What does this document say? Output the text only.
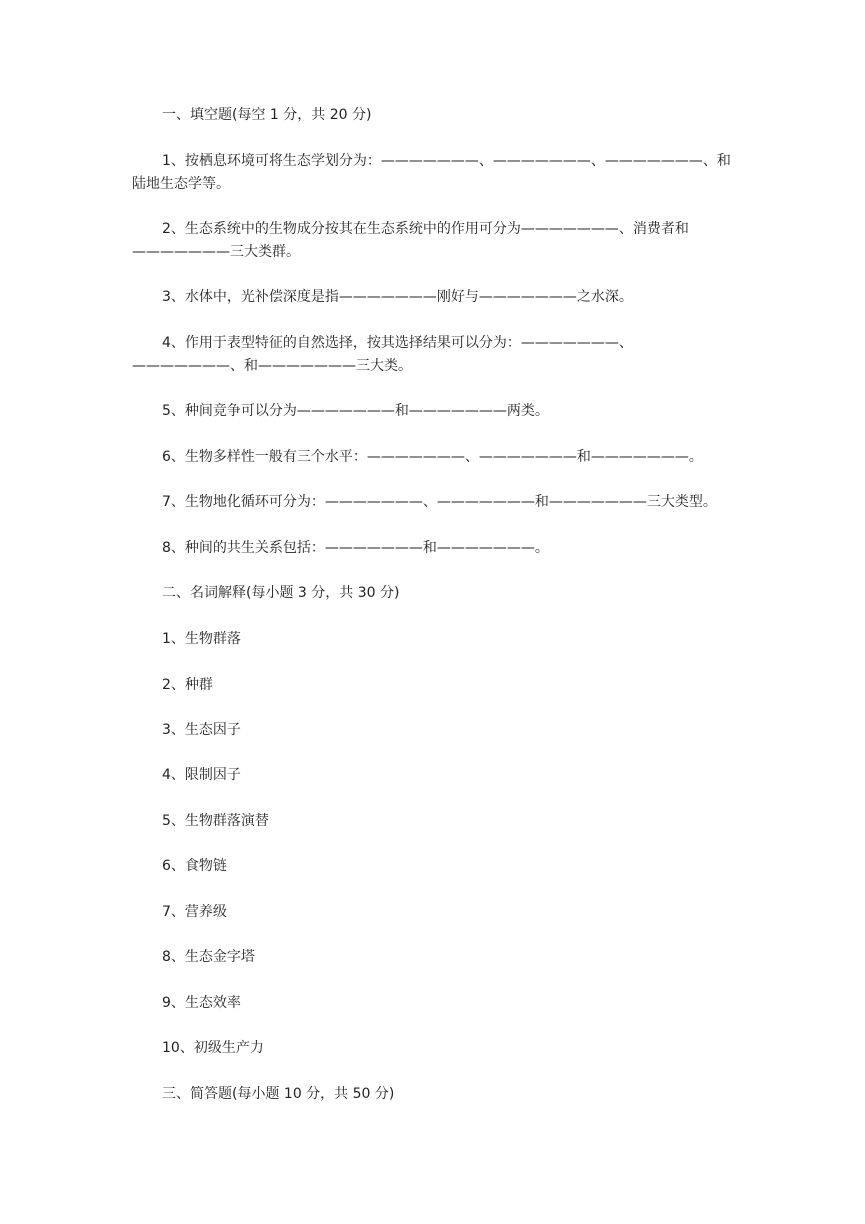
一、填空题(每空 1 分，共 20 分)

1、按栖息环境可将生态学划分为：———————、———————、———————、和陆地生态学等。

2、生态系统中的生物成分按其在生态系统中的作用可分为———————、消费者和———————三大类群。

3、水体中，光补偿深度是指———————刚好与———————之水深。

4、作用于表型特征的自然选择，按其选择结果可以分为：———————、———————、和———————三大类。

5、种间竞争可以分为———————和———————两类。

6、生物多样性一般有三个水平：———————、———————和———————。

7、生物地化循环可分为：———————、———————和———————三大类型。

8、种间的共生关系包括：———————和———————。

二、名词解释(每小题 3 分，共 30 分)

1、生物群落

2、种群

3、生态因子

4、限制因子

5、生物群落演替

6、食物链

7、营养级

8、生态金字塔

9、生态效率

10、初级生产力

三、简答题(每小题 10 分，共 50 分)
